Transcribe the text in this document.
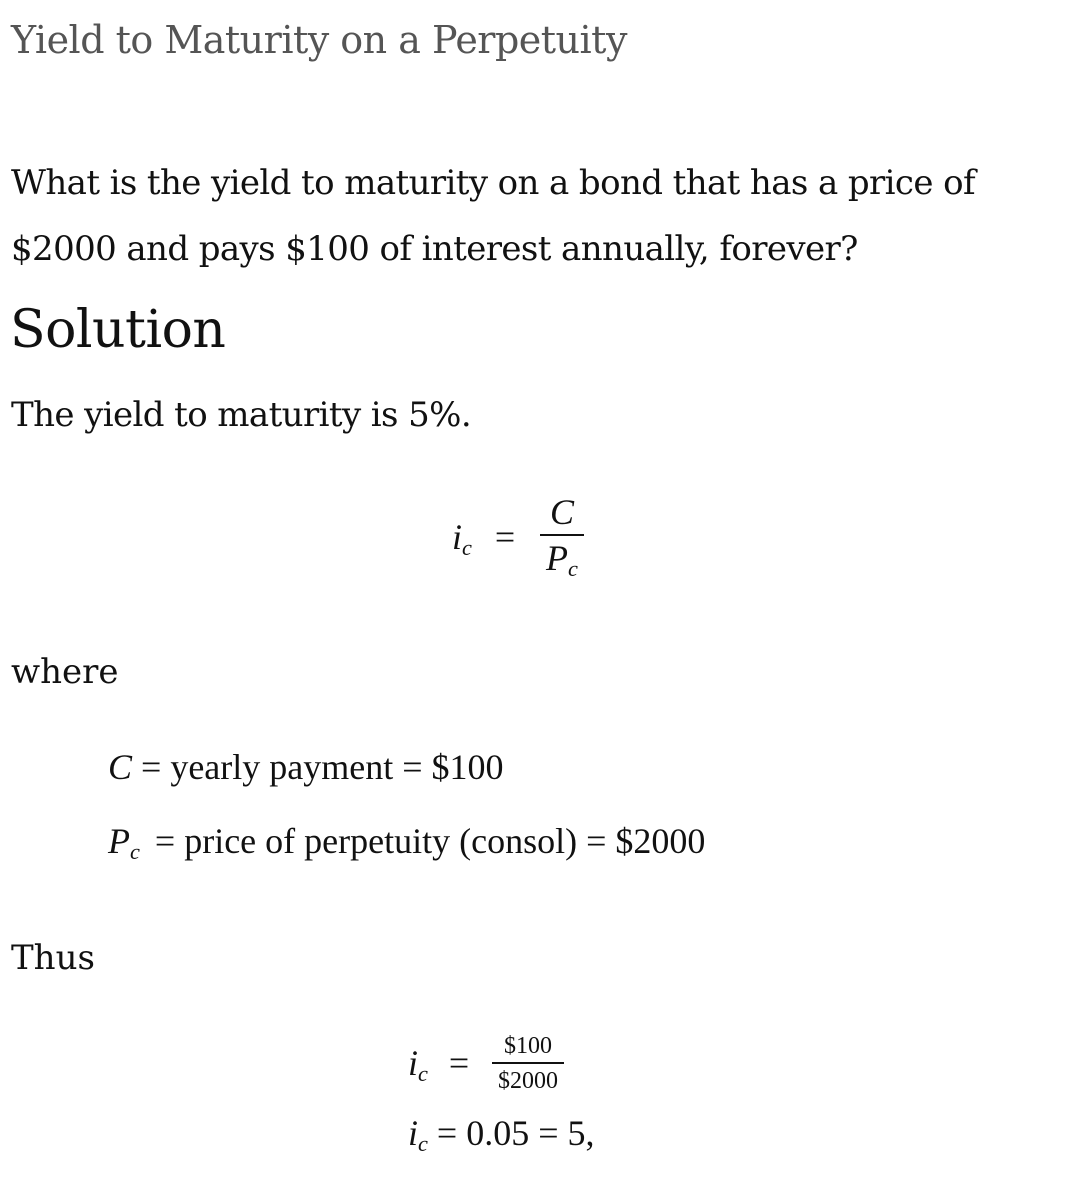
Yield to Maturity on a Perpetuity
What is the yield to maturity on a bond that has a price of $2000 and pays $100 of interest annually, forever?
Solution
The yield to maturity is 5%.
ic =
C
Pc
where
C = yearly payment = $100
Pc = price of perpetuity (consol) = $2000
Thus
ic =	$100
$2000
ic = 0.05 = 5,
